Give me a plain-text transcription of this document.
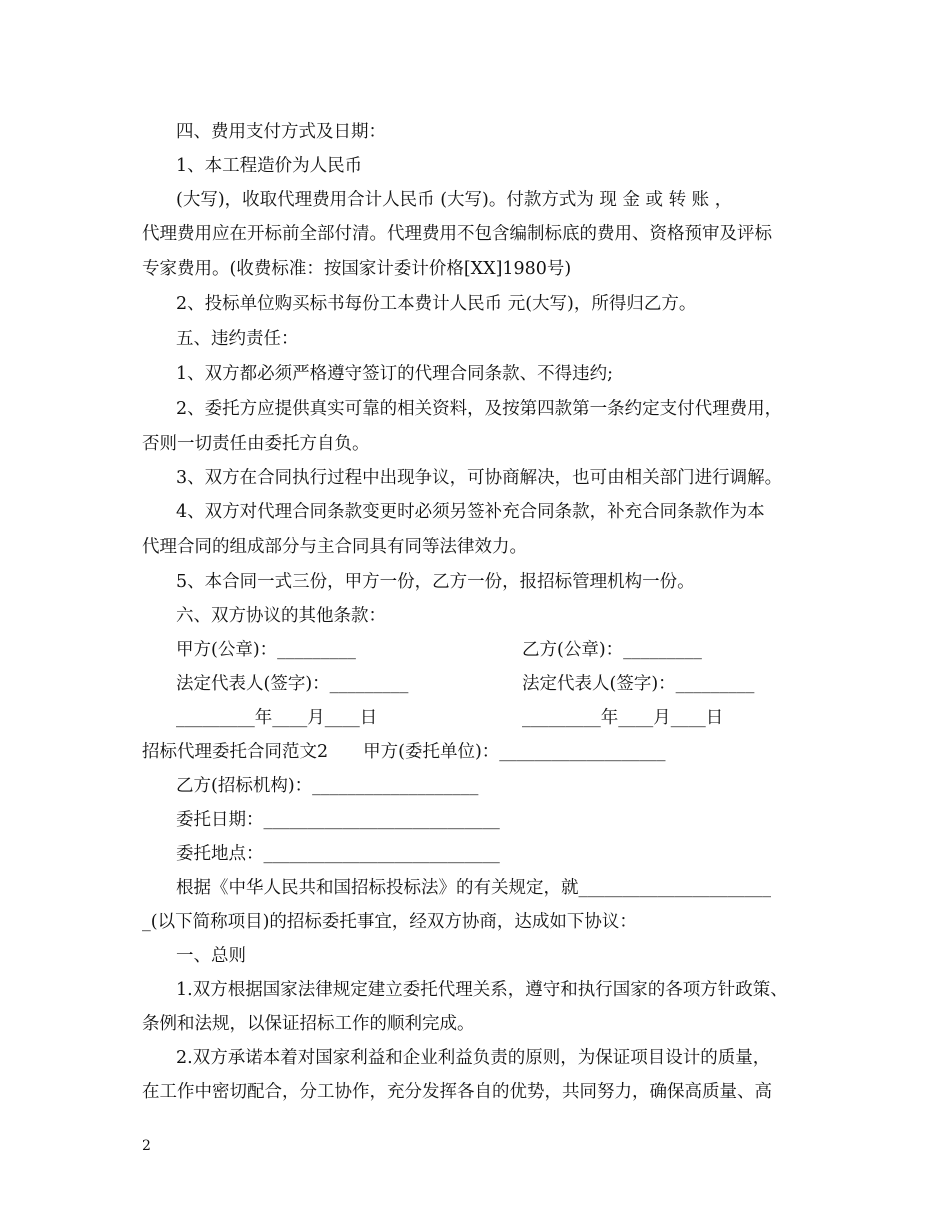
四、费用支付方式及日期：
1、本工程造价为人民币
(大写)，收取代理费用合计人民币 (大写)。付款方式为 现 金 或 转 账 ，
代理费用应在开标前全部付清。代理费用不包含编制标底的费用、资格预审及评标
专家费用。(收费标准：按国家计委计价格[XX]1980号)
2、投标单位购买标书每份工本费计人民币 元(大写)，所得归乙方。
五、违约责任：
1、双方都必须严格遵守签订的代理合同条款、不得违约;
2、委托方应提供真实可靠的相关资料，及按第四款第一条约定支付代理费用，
否则一切责任由委托方自负。
3、双方在合同执行过程中出现争议，可协商解决，也可由相关部门进行调解。
4、双方对代理合同条款变更时必须另签补充合同条款，补充合同条款作为本
代理合同的组成部分与主合同具有同等法律效力。
5、本合同一式三份，甲方一份，乙方一份，报招标管理机构一份。
六、双方协议的其他条款：
甲方(公章)：_________	乙方(公章)：_________
法定代表人(签字)：_________	法定代表人(签字)：_________
_________年____月____日	_________年____月____日
招标代理委托合同范文2　　甲方(委托单位)：___________________
乙方(招标机构)：___________________
委托日期：___________________________
委托地点：___________________________
根据《中华人民共和国招标投标法》的有关规定，就______________________
_(以下简称项目)的招标委托事宜，经双方协商，达成如下协议：
一、总则
1.双方根据国家法律规定建立委托代理关系，遵守和执行国家的各项方针政策、
条例和法规，以保证招标工作的顺利完成。
2.双方承诺本着对国家利益和企业利益负责的原则，为保证项目设计的质量，
在工作中密切配合，分工协作，充分发挥各自的优势，共同努力，确保高质量、高
2
